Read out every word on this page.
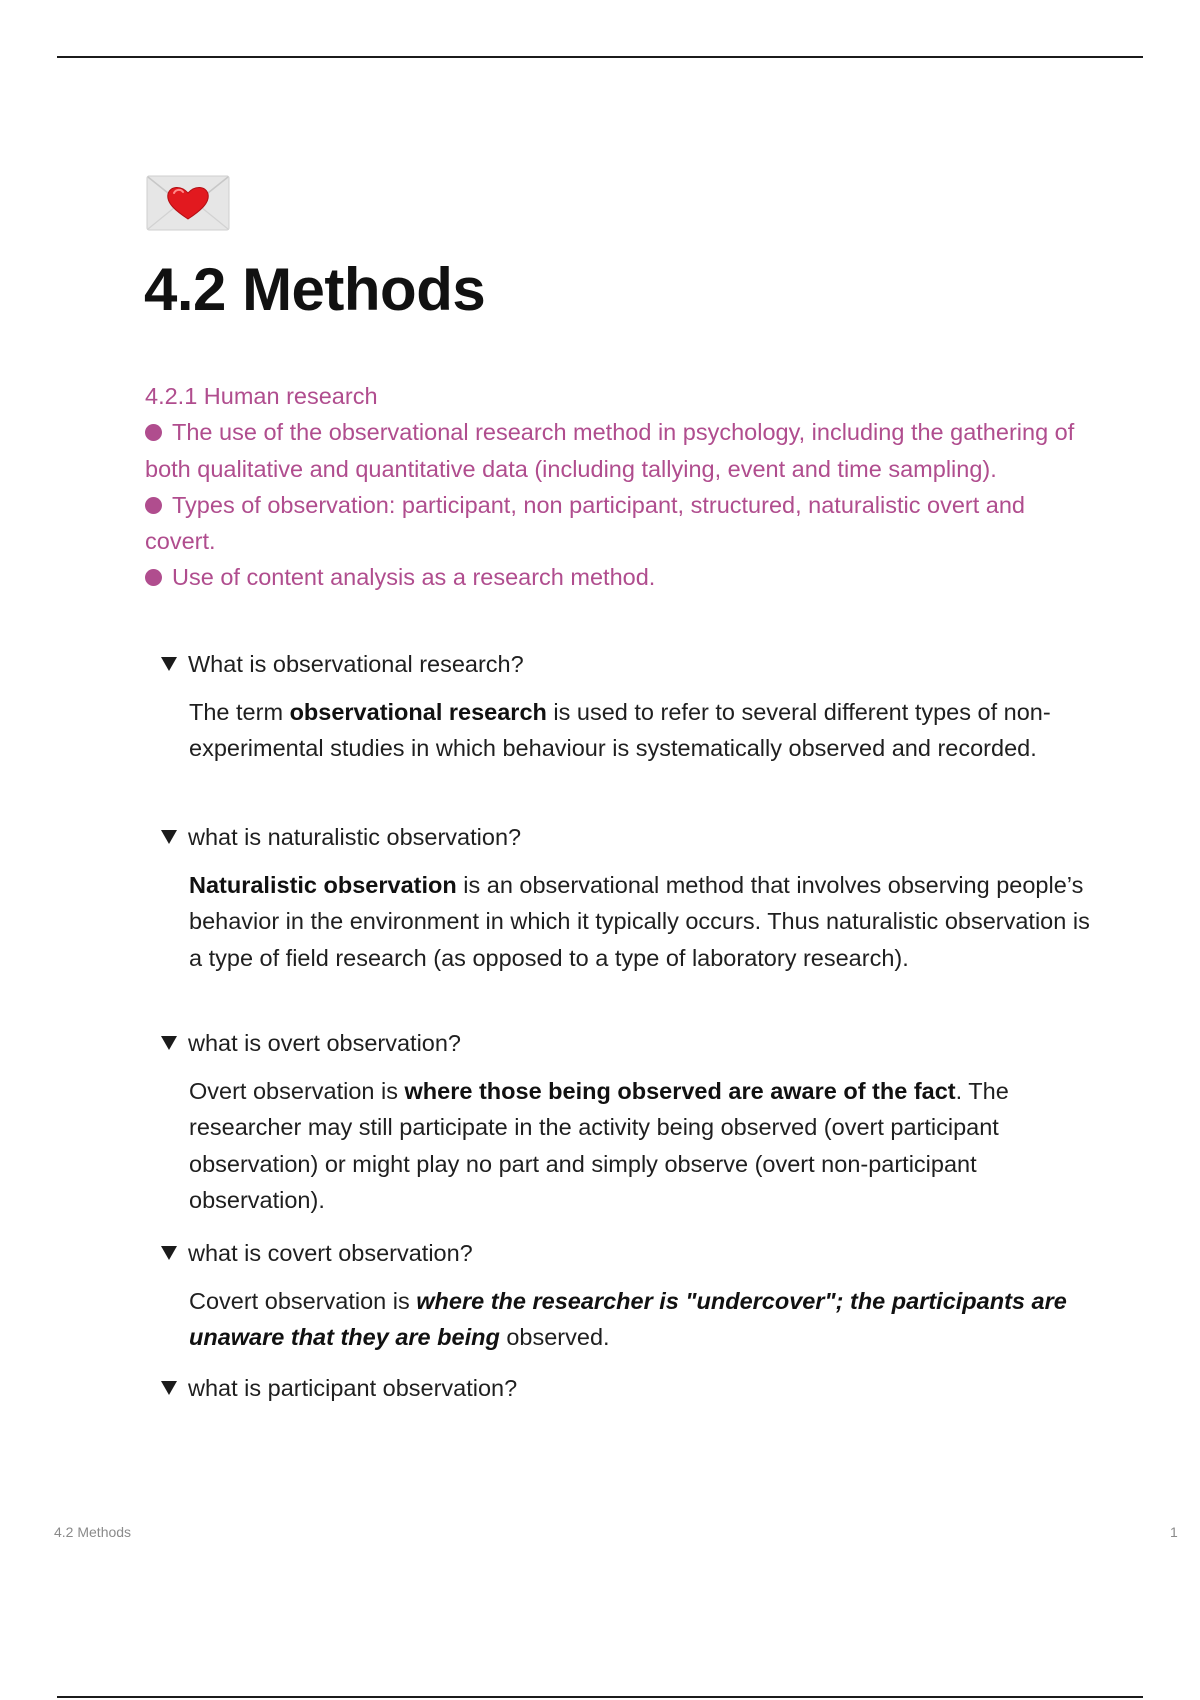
4.2 Methods

4.2.1 Human research

The use of the observational research method in psychology, including the gathering of both qualitative and quantitative data (including tallying, event and time sampling).

Types of observation: participant, non participant, structured, naturalistic overt and covert.

Use of content analysis as a research method.

What is observational research?

The term observational research is used to refer to several different types of non-experimental studies in which behaviour is systematically observed and recorded.

what is naturalistic observation?

Naturalistic observation is an observational method that involves observing people’s behavior in the environment in which it typically occurs. Thus naturalistic observation is a type of field research (as opposed to a type of laboratory research).

what is overt observation?

Overt observation is where those being observed are aware of the fact. The researcher may still participate in the activity being observed (overt participant observation) or might play no part and simply observe (overt non-participant observation).

what is covert observation?

Covert observation is where the researcher is "undercover"; the participants are unaware that they are being observed.

what is participant observation?
4.2 Methods	1
